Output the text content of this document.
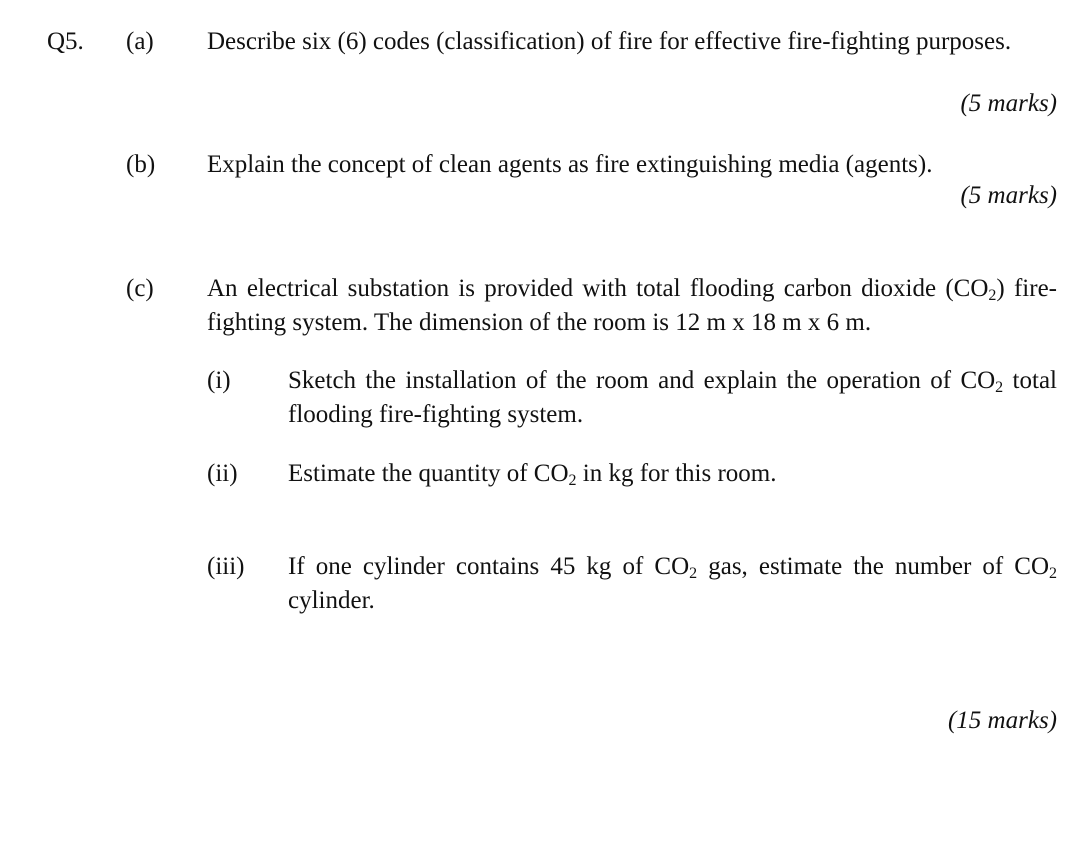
Q5. (a) Describe six (6) codes (classification) of fire for effective fire-fighting purposes.
(5 marks)
(b) Explain the concept of clean agents as fire extinguishing media (agents).
(5 marks)
(c) An electrical substation is provided with total flooding carbon dioxide $(CO_2)$ fire-fighting system. The dimension of the room is 12 m x 18 m x 6 m.
(i) Sketch the installation of the room and explain the operation of $CO_2$ total flooding fire-fighting system.
(ii) Estimate the quantity of $CO_2$ in kg for this room.
(iii) If one cylinder contains 45 kg of $CO_2$ gas, estimate the number of $CO_2$ cylinder.
(15 marks)
